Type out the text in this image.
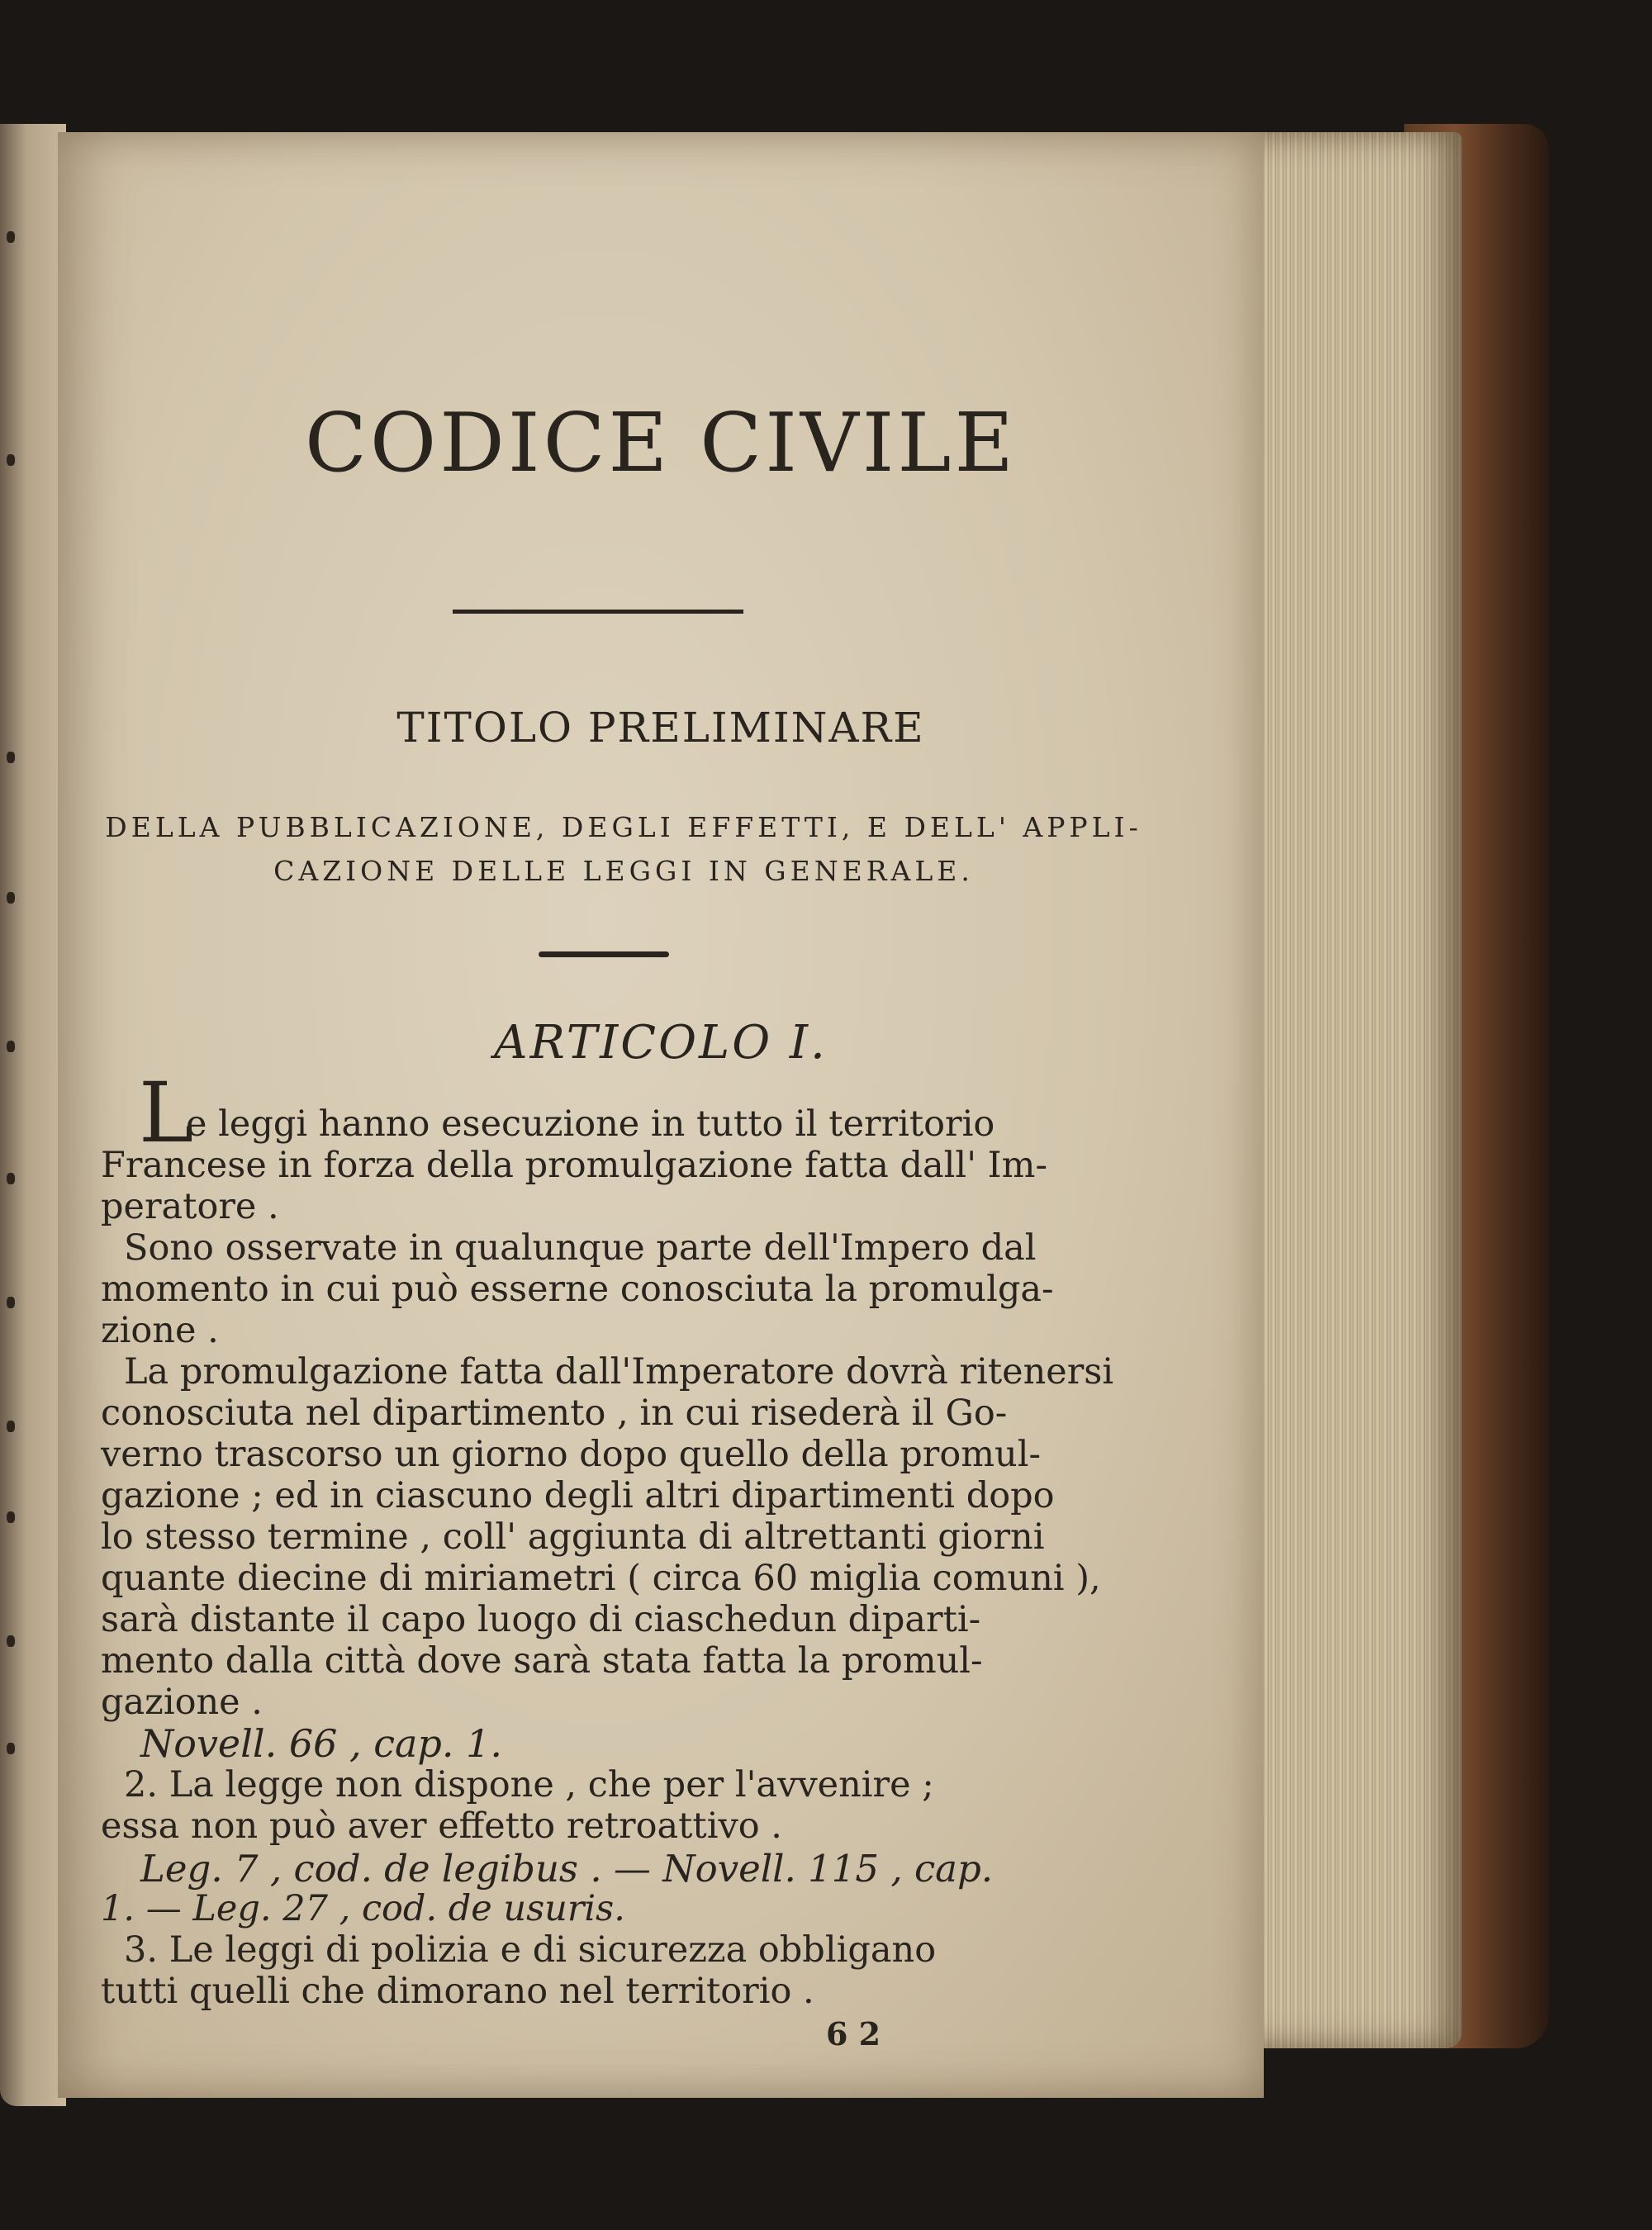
CODICE CIVILE
TITOLO PRELIMINARE
DELLA PUBBLICAZIONE, DEGLI EFFETTI, E DELL' APPLI-
CAZIONE DELLE LEGGI IN GENERALE.
ARTICOLO I.
L
e leggi hanno esecuzione in tutto il territorio
Francese in forza della promulgazione fatta dall' Im-
peratore .
Sono osservate in qualunque parte dell'Impero dal
momento in cui può esserne conosciuta la promulga-
zione .
La promulgazione fatta dall'Imperatore dovrà ritenersi
conosciuta nel dipartimento , in cui risederà il Go-
verno trascorso un giorno dopo quello della promul-
gazione ; ed in ciascuno degli altri dipartimenti dopo
lo stesso termine , coll' aggiunta di altrettanti giorni
quante diecine di miriametri ( circa 60 miglia comuni ),
sarà distante il capo luogo di ciaschedun diparti-
mento dalla città dove sarà stata fatta la promul-
gazione .
Novell. 66 , cap. 1.
2. La legge non dispone , che per l'avvenire ;
essa non può aver effetto retroattivo .
Leg. 7 , cod. de legibus . — Novell. 115 , cap.
1. — Leg. 27 , cod. de usuris.
3. Le leggi di polizia e di sicurezza obbligano
tutti quelli che dimorano nel territorio .
6 2
